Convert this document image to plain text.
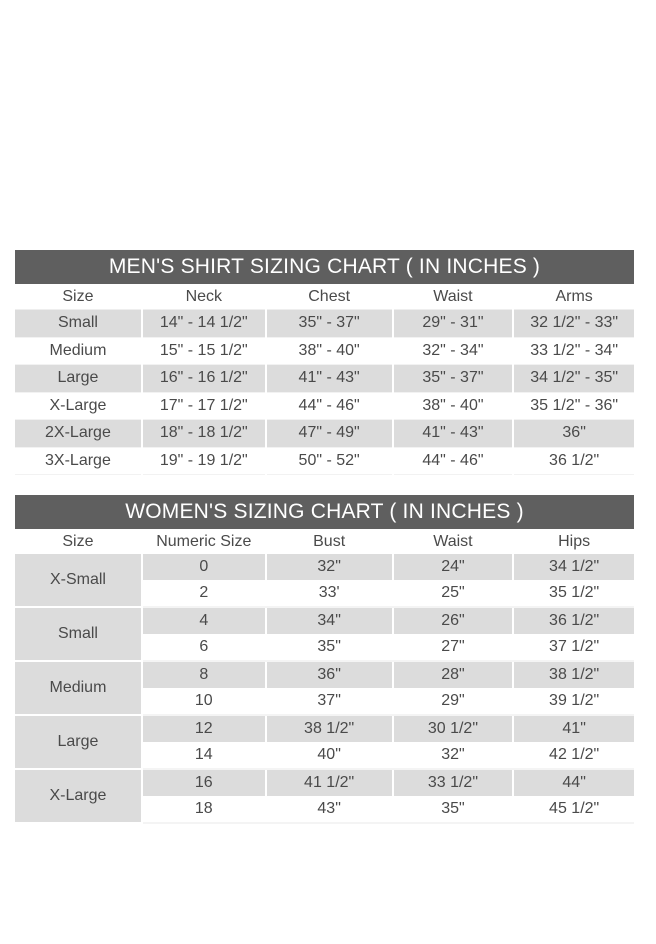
MEN'S SHIRT SIZING CHART ( IN INCHES )
Size	Neck	Chest	Waist	Arms
Small	14" - 14 1/2"	35" - 37"	29" - 31"	32 1/2" - 33"
Medium	15" - 15 1/2"	38" - 40"	32" - 34"	33 1/2" - 34"
Large	16" - 16 1/2"	41" - 43"	35" - 37"	34 1/2" - 35"
X-Large	17" - 17 1/2"	44" - 46"	38" - 40"	35 1/2" - 36"
2X-Large	18" - 18 1/2"	47" - 49"	41" - 43"	36"
3X-Large	19" - 19 1/2"	50" - 52"	44" - 46"	36 1/2"
WOMEN'S SIZING CHART ( IN INCHES )
Size	Numeric Size	Bust	Waist	Hips
X-Small	0	32"	24"	34 1/2"
	2	33'	25"	35 1/2"
Small	4	34"	26"	36 1/2"
	6	35"	27"	37 1/2"
Medium	8	36"	28"	38 1/2"
	10	37"	29"	39 1/2"
Large	12	38 1/2"	30 1/2"	41"
	14	40"	32"	42 1/2"
X-Large	16	41 1/2"	33 1/2"	44"
	18	43"	35"	45 1/2"
